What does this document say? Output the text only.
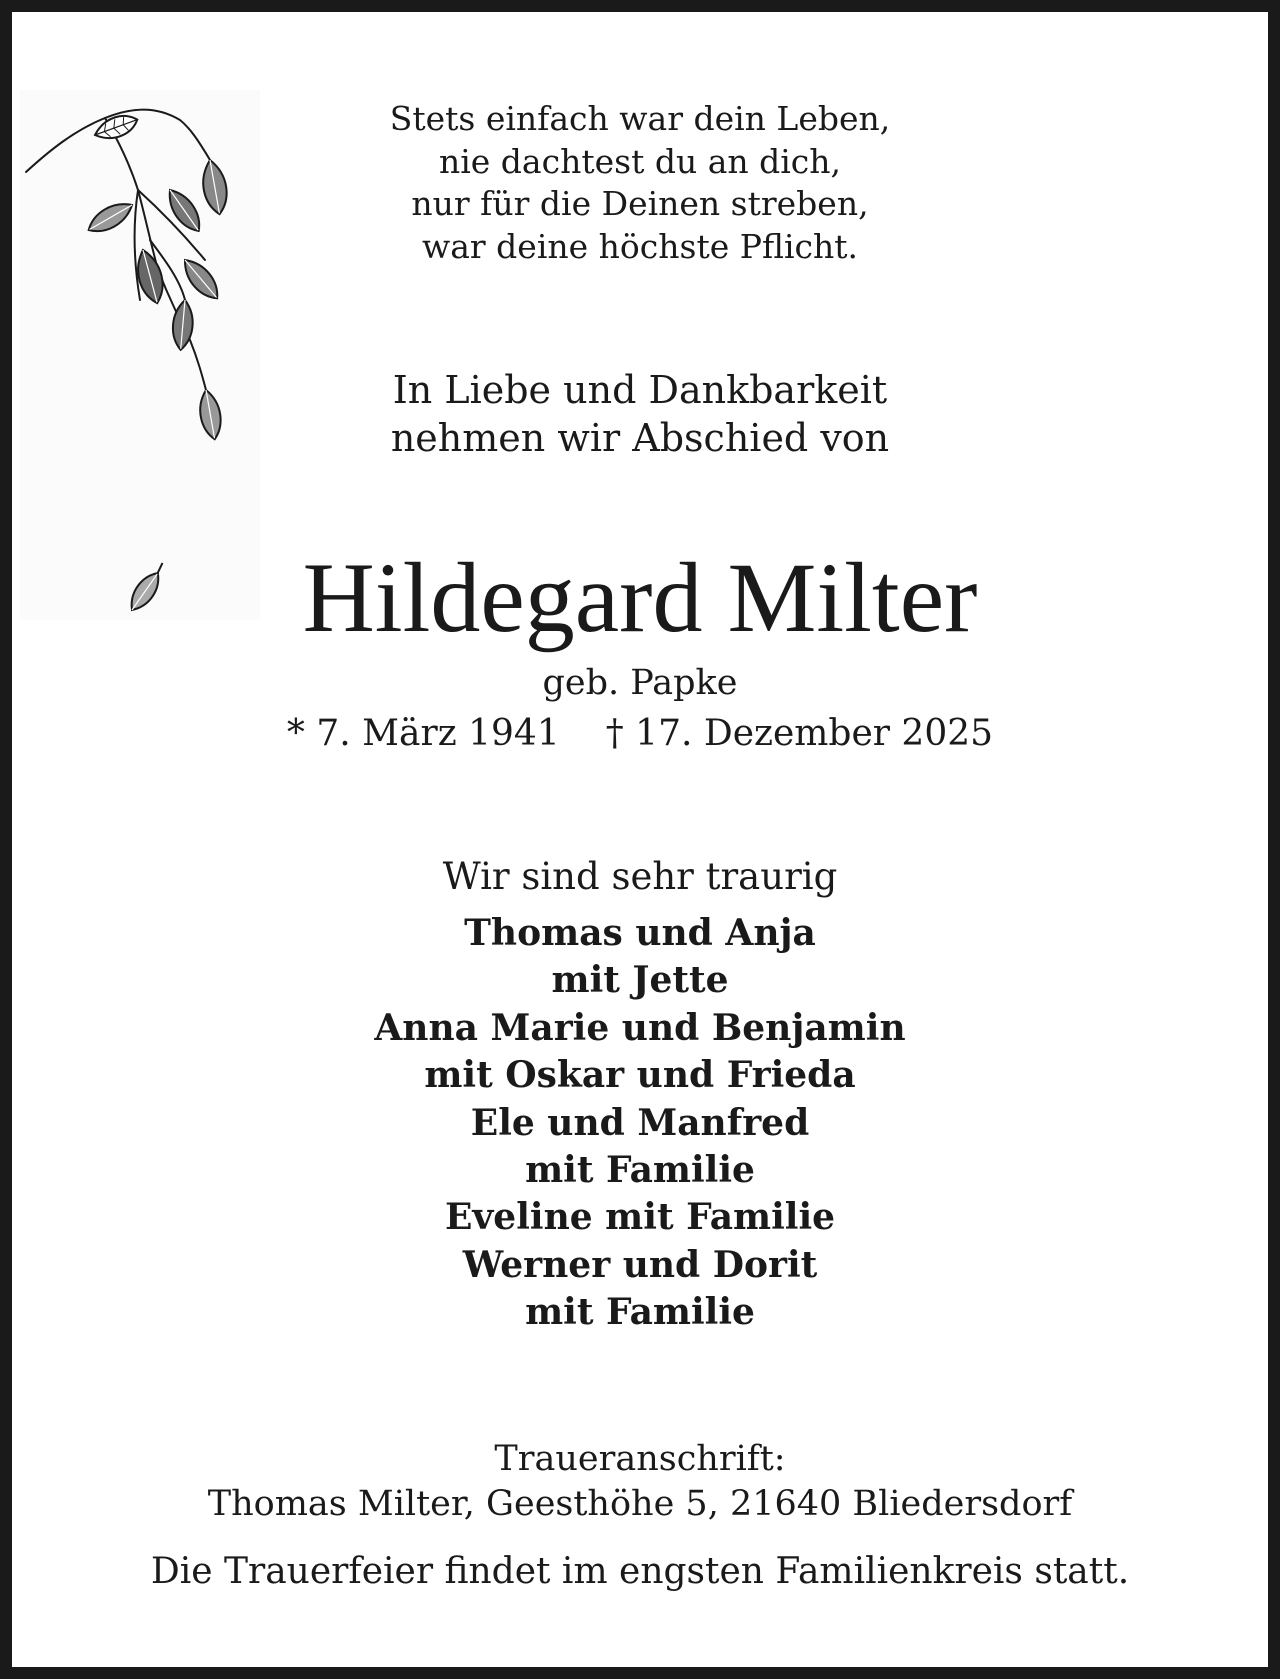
Stets einfach war dein Leben,
nie dachtest du an dich,
nur für die Deinen streben,
war deine höchste Pflicht.
In Liebe und Dankbarkeit
nehmen wir Abschied von
Hildegard Milter
geb. Papke
* 7. März 1941 † 17. Dezember 2025
Wir sind sehr traurig
Thomas und Anja
mit Jette
Anna Marie und Benjamin
mit Oskar und Frieda
Ele und Manfred
mit Familie
Eveline mit Familie
Werner und Dorit
mit Familie
Traueranschrift:
Thomas Milter, Geesthöhe 5, 21640 Bliedersdorf
Die Trauerfeier findet im engsten Familienkreis statt.
